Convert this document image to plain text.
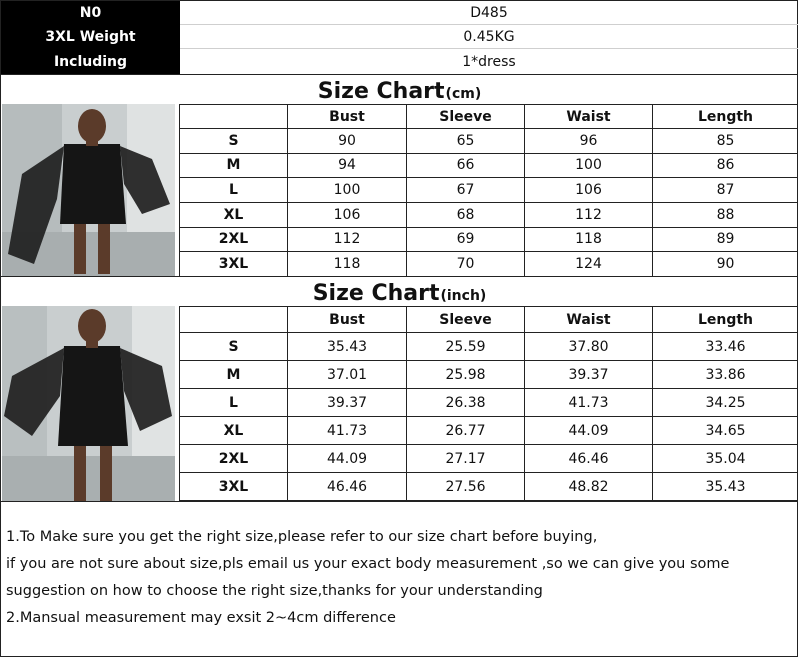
N0	D485
3XL Weight	0.45KG
Including	1*dress
Size Chart (cm)
	Bust	Sleeve	Waist	Length
S	90	65	96	85
M	94	66	100	86
L	100	67	106	87
XL	106	68	112	88
2XL	112	69	118	89
3XL	118	70	124	90
Size Chart (inch)
	Bust	Sleeve	Waist	Length
S	35.43	25.59	37.80	33.46
M	37.01	25.98	39.37	33.86
L	39.37	26.38	41.73	34.25
XL	41.73	26.77	44.09	34.65
2XL	44.09	27.17	46.46	35.04
3XL	46.46	27.56	48.82	35.43

1.To Make sure you get the right size,please refer to our size chart before buying,

if you are not sure about size,pls email us your exact body measurement ,so we can give you some

suggestion on how to choose the right size,thanks for your understanding

2.Mansual measurement may exsit 2~4cm difference
